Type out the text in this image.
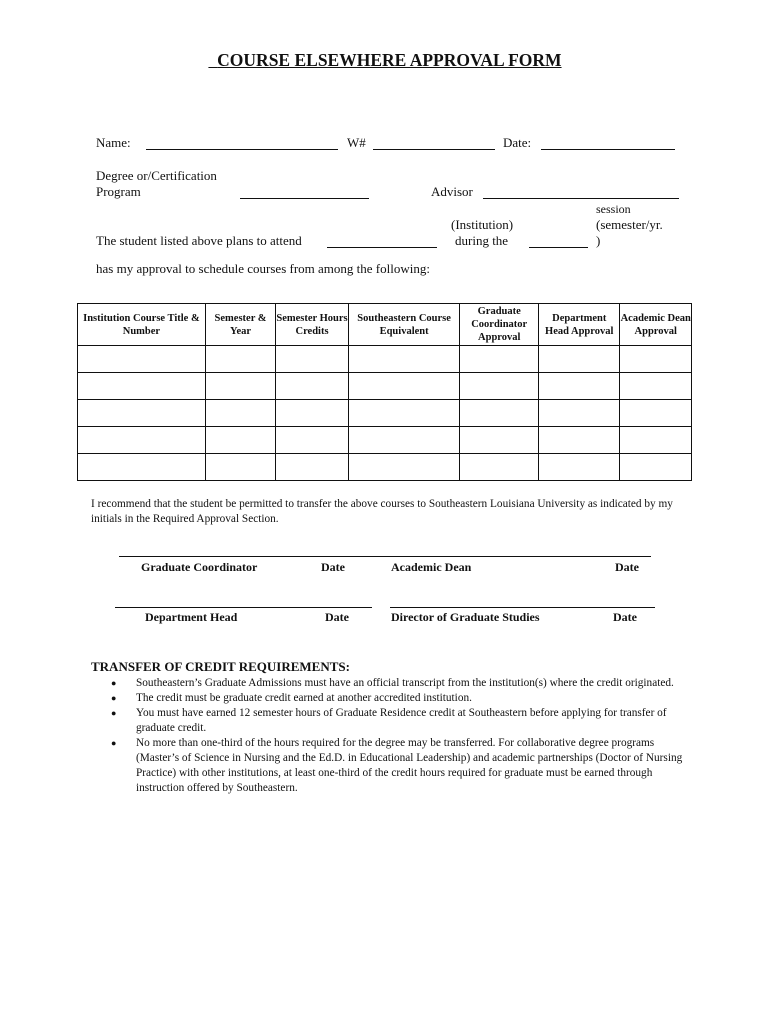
COURSE ELSEWHERE APPROVAL FORM
Name:	W#	Date:
Degree or/Certification
Program	Advisor
session
(Institution)	(semester/yr.
The student listed above plans to attend	during the	)
has my approval to schedule courses from among the following:
Institution Course Title & Number	Semester & Year	Semester Hours Credits	Southeastern Course Equivalent	Graduate Coordinator Approval	Department Head Approval	Academic Dean Approval

I recommend that the student be permitted to transfer the above courses to Southeastern Louisiana University as indicated by my initials in the Required Approval Section.
Graduate Coordinator	Date	Academic Dean	Date
Department Head	Date	Director of Graduate Studies	Date
TRANSFER OF CREDIT REQUIREMENTS:
● Southeastern’s Graduate Admissions must have an official transcript from the institution(s) where the credit originated.
● The credit must be graduate credit earned at another accredited institution.
● You must have earned 12 semester hours of Graduate Residence credit at Southeastern before applying for transfer of graduate credit.
● No more than one-third of the hours required for the degree may be transferred. For collaborative degree programs (Master’s of Science in Nursing and the Ed.D. in Educational Leadership) and academic partnerships (Doctor of Nursing Practice) with other institutions, at least one-third of the credit hours required for graduate must be earned through instruction offered by Southeastern.
